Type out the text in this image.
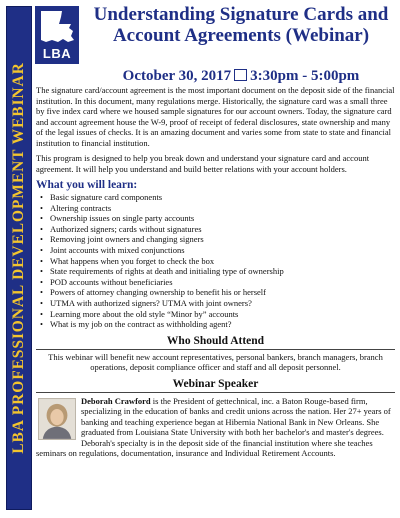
LBA PROFESSIONAL DEVELOPMENT WEBINAR
LBA
Understanding Signature Cards and Account Agreements (Webinar)
October 30, 2017 3:30pm - 5:00pm

The signature card/account agreement is the most important document on the deposit side of the financial institution. In this document, many regulations merge. Historically, the signature card was a small three by five index card where we housed sample signatures for our account owners. Today, the signature card and account agreement house the W-9, proof of receipt of federal disclosures, state ownership and many of the legal issues of checks. It is an amazing document and varies some from state to state and financial institution to financial institution.

This program is designed to help you break down and understand your signature card and account agreement. It will help you understand and build better relations with your account holders.

What you will learn:
• Basic signature card components
• Altering contracts
• Ownership issues on single party accounts
• Authorized signers; cards without signatures
• Removing joint owners and changing signers
• Joint accounts with mixed conjunctions
• What happens when you forget to check the box
• State requirements of rights at death and initialing type of ownership
• POD accounts without beneficiaries
• Powers of attorney changing ownership to benefit his or herself
• UTMA with authorized signers? UTMA with joint owners?
• Learning more about the old style “Minor by” accounts
• What is my job on the contract as withholding agent?
Who Should Attend

This webinar will benefit new account representatives, personal bankers, branch managers, branch operations, deposit compliance officer and staff and all deposit personnel.

Webinar Speaker

Deborah Crawford is the President of gettechnical, inc. a Baton Rouge-based firm, specializing in the education of banks and credit unions across the nation. Her 27+ years of banking and teaching experience began at Hibernia National Bank in New Orleans. She graduated from Louisiana State University with both her bachelor's and master's degrees. Deborah's specialty is in the deposit side of the financial institution where she teaches seminars on regulations, documentation, insurance and Individual Retirement Accounts.
